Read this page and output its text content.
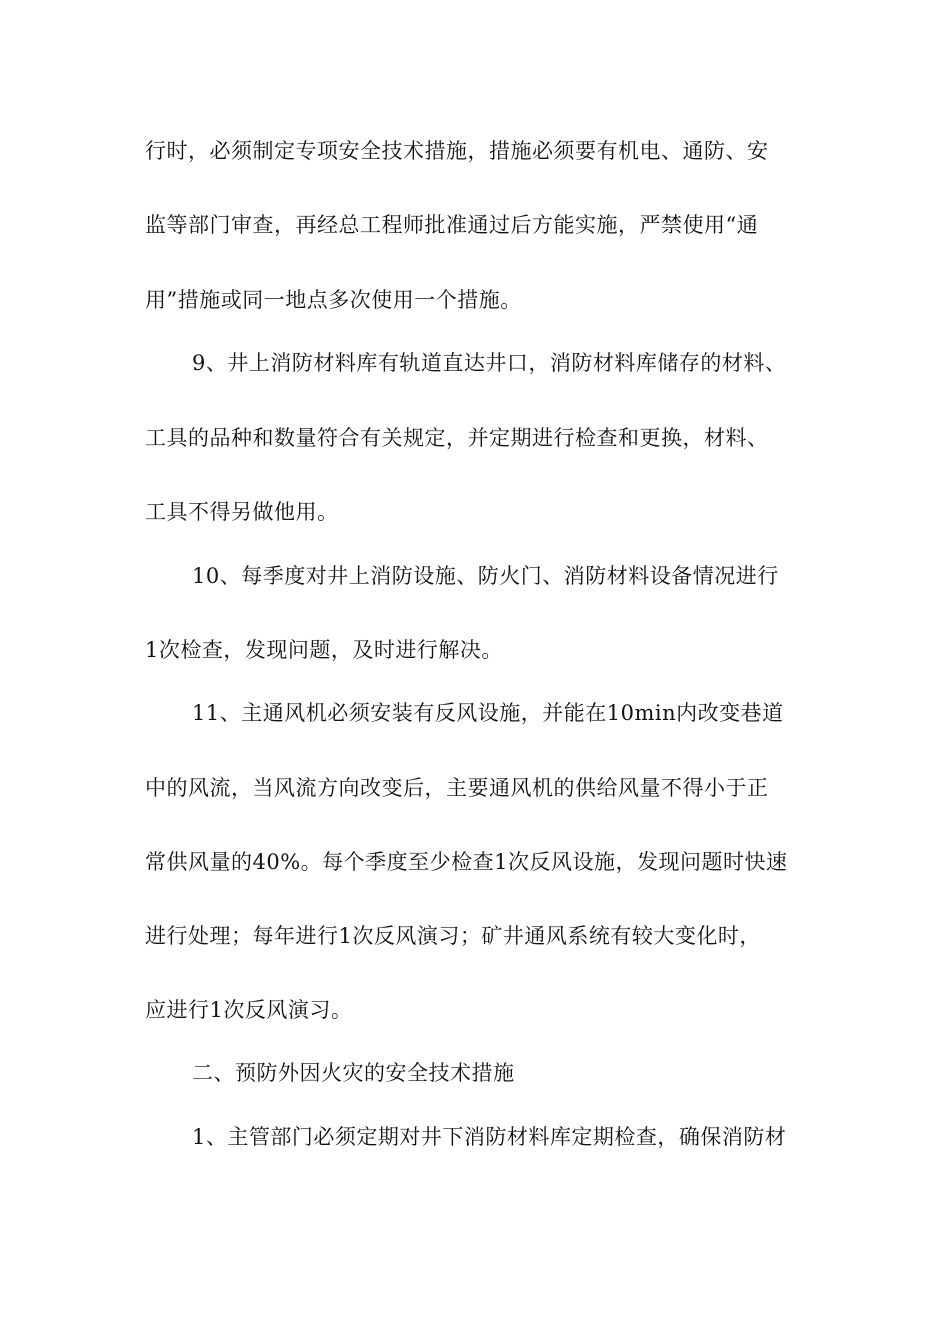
行时，必须制定专项安全技术措施，措施必须要有机电、通防、安
监等部门审查，再经总工程师批准通过后方能实施，严禁使用“通
用”措施或同一地点多次使用一个措施。
9、井上消防材料库有轨道直达井口，消防材料库储存的材料、
工具的品种和数量符合有关规定，并定期进行检查和更换，材料、
工具不得另做他用。
10、每季度对井上消防设施、防火门、消防材料设备情况进行
1次检查，发现问题，及时进行解决。
11、主通风机必须安装有反风设施，并能在10min内改变巷道
中的风流，当风流方向改变后，主要通风机的供给风量不得小于正
常供风量的40%。每个季度至少检查1次反风设施，发现问题时快速
进行处理；每年进行1次反风演习；矿井通风系统有较大变化时，
应进行1次反风演习。
二、预防外因火灾的安全技术措施
1、主管部门必须定期对井下消防材料库定期检查，确保消防材
